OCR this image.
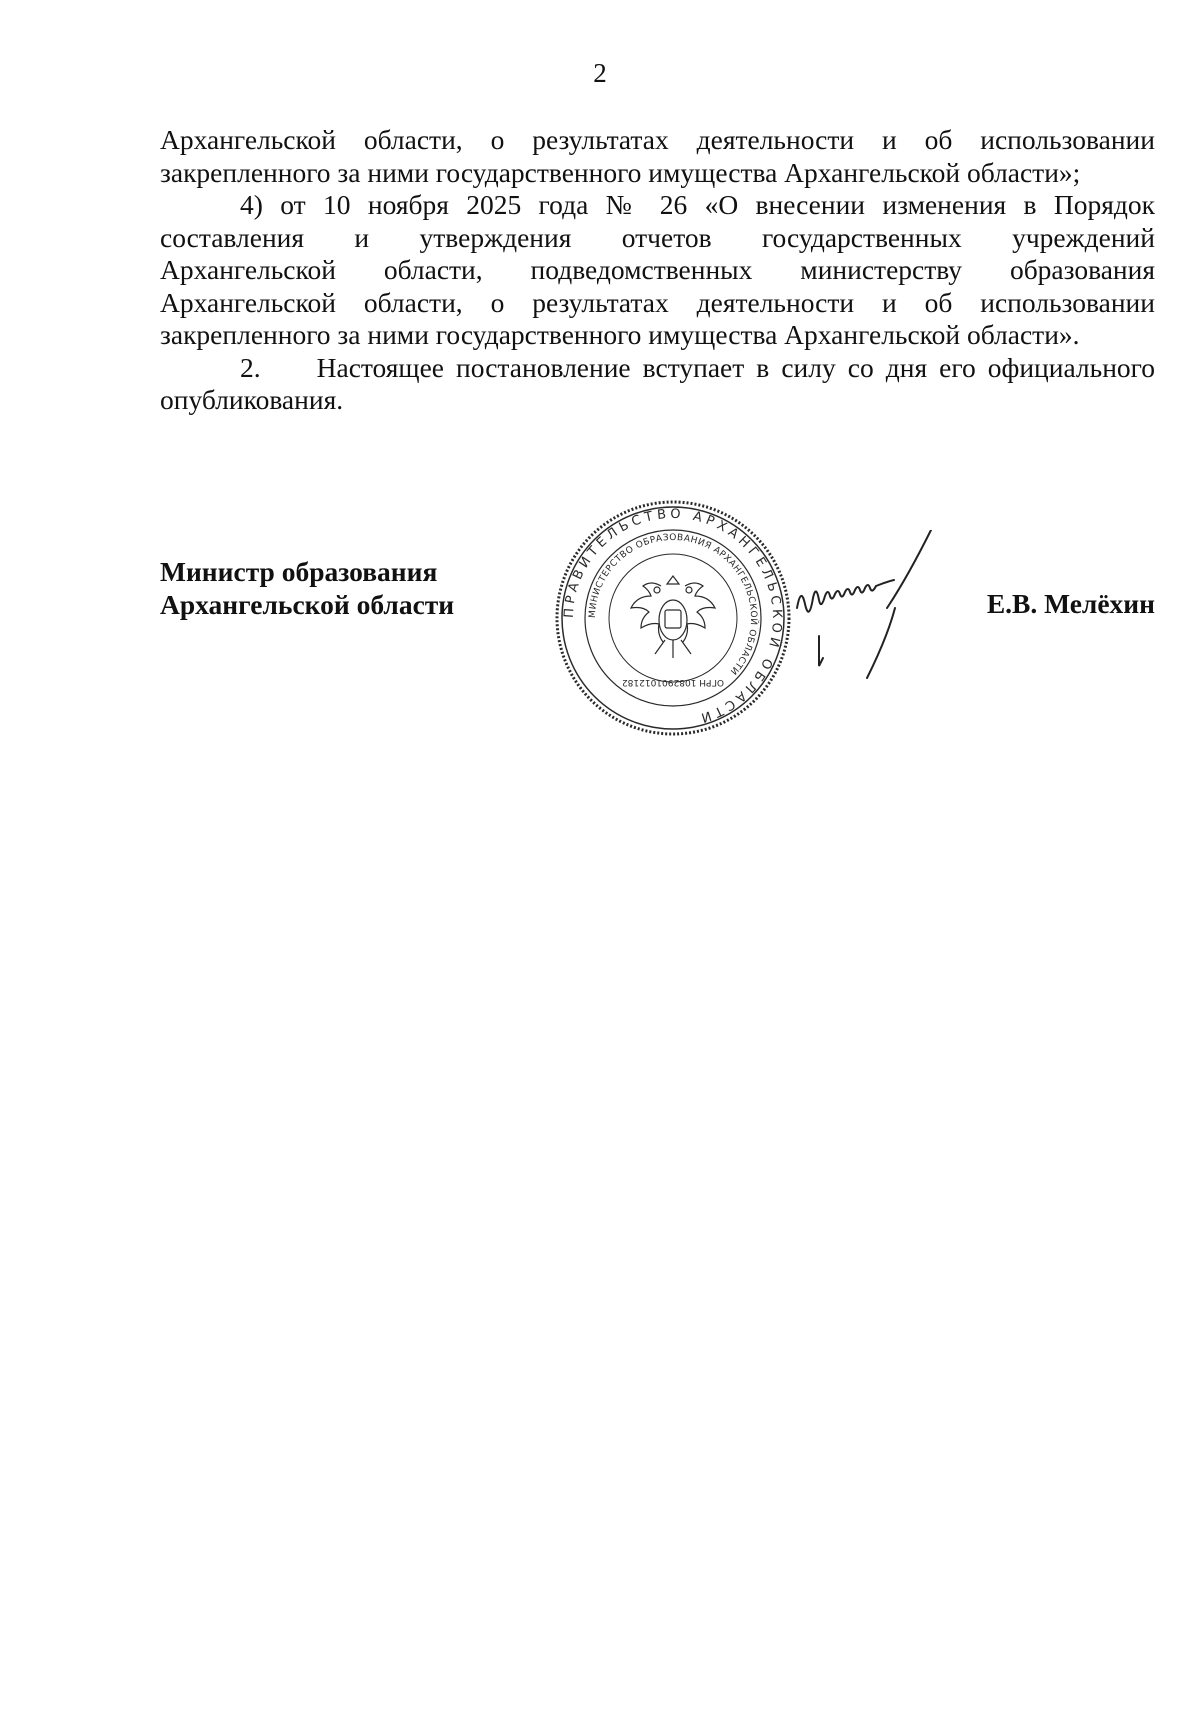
2
Архангельской области, о результатах деятельности и об использовании
закрепленного за ними государственного имущества Архангельской области»;
4) от 10 ноября 2025 года № 26 «О внесении изменения в Порядок
составления и утверждения отчетов государственных учреждений
Архангельской области, подведомственных министерству образования
Архангельской области, о результатах деятельности и об использовании
закрепленного за ними государственного имущества Архангельской области».
2. Настоящее постановление вступает в силу со дня его официального
опубликования.
Министр образования
Архангельской области	ПРАВИТЕЛЬСТВО АРХАНГЕЛЬСКОЙ ОБЛАСТИ
МИНИСТЕРСТВО ОБРАЗОВАНИЯ АРХАНГЕЛЬСКОЙ ОБЛАСТИ
ОГРН 1082901012182
Е.В. Мелёхин
